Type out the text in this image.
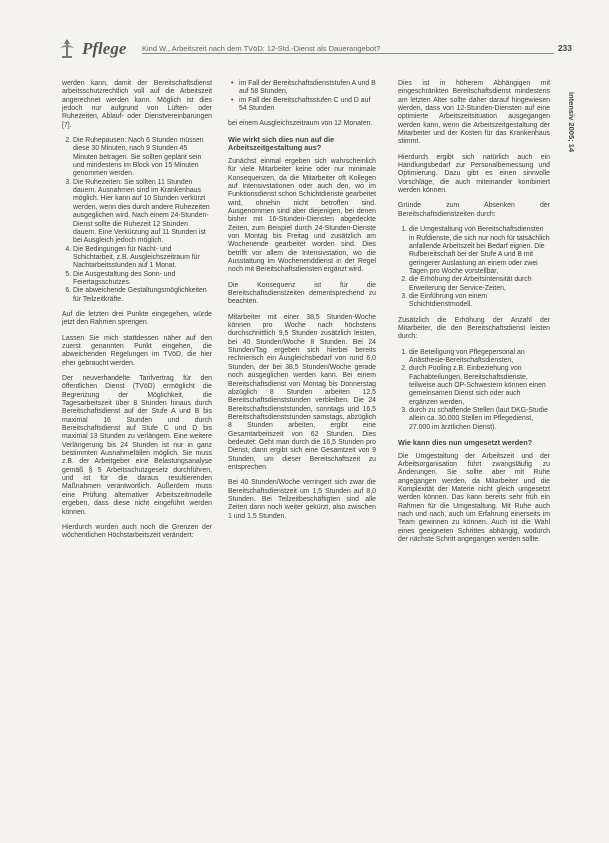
Pflege Kind W., Arbeitszeit nach dem TVöD: 12-Std.-Dienst als Dauerangebot?	233
intensiv 2005; 14

werden kann, damit der Bereitschaftsdienst arbeitsschutzrechtlich voll auf die Arbeitszeit angerechnet werden kann. Möglich ist dies jedoch nur aufgrund von Lüften- oder Ruhezeiten, Ablauf- oder Dienstvereinbarungen [7].

2. Die Ruhepausen: Nach 6 Stunden müssen diese 30 Minuten, nach 9 Stunden 45 Minuten betragen. Sie sollten geplant sein und mindestens im Block von 15 Minuten genommen werden.
3. Die Ruhezeiten: Sie sollten 11 Stunden dauern. Ausnahmen sind im Krankenhaus möglich. Hier kann auf 10 Stunden verkürzt werden, wenn dies durch andere Ruhezeiten ausgeglichen wird. Nach einem 24-Stunden-Dienst sollte die Ruhezeit 12 Stunden dauern. Eine Verkürzung auf 11 Stunden ist bei Ausgleich jedoch möglich.
4. Die Bedingungen für Nacht- und Schichtarbeit, z.B. Ausgleichszeitraum für Nachtarbeitsstunden auf 1 Monat.
5. Die Ausgestaltung des Sonn- und Feiertagsschutzes.
6. Die abweichende Gestaltungsmöglichkeiten für Teilzeitkräfte.

Auf die letzten drei Punkte eingegehen, würde jetzt den Rahmen sprengen.

Lassen Sie mich stattdessen näher auf den zuerst genannten Punkt eingehen, die abweichenden Regelungen im TVöD, die hier eher gebraucht werden.

Der neuverhandelte Tarifvertrag für den öffentlichen Dienst (TVöD) ermöglicht die Begrenzung der Möglichkeit, die Tagesarbeitszeit über 8 Stunden hinaus durch Bereitschaftsdienst auf der Stufe A und B bis maximal 16 Stunden und durch Bereitschaftsdienst auf Stufe C und D bis maximal 13 Stunden zu verlängern. Eine weitere Verlängerung bis 24 Stunden ist nur in ganz bestimmten Ausnahmefällen möglich. Sie muss z.B. der Arbeitgeber eine Belastungsanalyse gemäß § 5 Arbeitsschutzgesetz durchführen, und ist für die daraus resultierenden Maßnahmen verantwortlich. Außerdem muss eine Prüfung alternativer Arbeitszeitmodelle ergeben, dass diese nicht eingeführt werden können.

Hierdurch wurden auch noch die Grenzen der wöchentlichen Höchstarbeitszeit verändert:

• im Fall der Bereitschaftsdienststufen A und B auf 58 Stunden,
• im Fall der Bereitschaftsstufen C und D auf 54 Stunden

bei einem Ausgleichszeitraum von 12 Monaten.

Wie wirkt sich dies nun auf die Arbeitszeitgestaltung aus?

Zunächst einmal ergeben sich wahrscheinlich für viele Mitarbeiter keine oder nur minimale Konsequenzen, da die Mitarbeiter oft Kollegen auf Intensivstationen oder auch den, wo im Funktionsdienst schon Schichtdienste gearbeitet wird, ohnehin nicht betroffen sind. Ausgenommen sind aber diejenigen, bei denen bisher mit 16-Stunden-Diensten abgedeckte Zeiten, zum Beispiel durch 24-Stunden-Dienste von Montag bis Freitag und zusätzlich am Wochenende gearbeitet worden sind. Dies betrifft vor allem die Intensivstation, wo die Ausstattung im Wochenenddienst in der Regel noch mit Bereitschaftsdiensten ergänzt wird.

Die Konsequenz ist für die Bereitschaftsdienstzeiten dementsprechend zu beachten.

Mitarbeiter mit einer 38,5 Stunden-Woche können pro Woche nach höchstens durchschnittlich 9,5 Stunden zusätzlich leisten, bei 40 Stunden/Woche 8 Stunden. Bei 24 Stunden/Tag ergeben sich hierbei bereits rechnerisch ein Ausgleichsbedarf von rund 6,0 Stunden, der bei 38,5 Stunden/Woche gerade noch ausgeglichen werden kann. Bei einem Bereitschaftsdienst von Montag bis Donnerstag abzüglich 8 Stunden arbeiten 12,5 Bereitschaftsdienststunden verbleiben. Die 24 Bereitschaftsdienststunden, sonntags und 16,5 Bereitschaftsdienststunden samstags, abzüglich 8 Stunden arbeiten, ergibt eine Gesamtarbeitszeit von 62 Stunden. Dies bedeutet: Geht man durch die 16,5 Stunden pro Dienst, dann ergibt sich eine Gesamtzeit von 9 Stunden, um dieser Bereitschaftszeit zu entsprechen.

Bei 40 Stunden/Woche verringert sich zwar die Bereitschaftsdienstzeit um 1,5 Stunden auf 8,0 Stunden. Bei Teilzeitbeschäftigten sind alle Zeiten dann noch weiter gekürzt, also zwischen 1 und 1,5 Stunden.

Dies ist in höherem Abhängigen mit eingeschränkten Bereitschaftsdienst mindestens am letzten Alter sollte daher darauf hingewiesen werden, dass von 12-Stunden-Diensten auf eine optimierte Arbeitszeitsituation ausgegangen werden kann, wenn die Arbeitszeitgestaltung der Mitarbeiter und der Kosten für das Krankenhaus stimmt.

Hierdurch ergibt sich natürlich auch ein Handlungsbedarf zur Personalbemessung und Optimierung. Dazu gibt es einen sinnvolle Vorschläge, die auch miteinander kombiniert werden können.

Gründe zum Absenken der Bereitschaftsdienstzeiten durch:

1. die Umgestaltung von Bereitschaftsdiensten in Rufdienste, die sich nur noch für tatsächlich anfallende Arbeitszeit bei Bedarf eignen. Die Rufbereitschaft bei der Stufe A und B mit geringerer Auslastung an einem oder zwei Tagen pro Woche vorstellbar,
2. die Erhöhung der Arbeitsintensität durch Erweiterung der Service-Zeiten,
3. die Einführung von einem Schichtdienstmodell.

Zusätzlich die Erhöhung der Anzahl der Mitarbeiter, die den Bereitschaftsdienst leisten durch:

1. die Beteiligung von Pflegepersonal an Anästhesie-Bereitschaftsdiensten,
2. durch Pooling z.B. Einbeziehung von Fachabteilungen, Bereitschaftsdienste, teilweise auch OP-Schwestern können einen gemeinsamen Dienst sich oder auch ergänzen werden,
3. durch zu schaffende Stellen (laut DKG-Studie allein ca. 30.000 Stellen im Pflegedienst, 27.000 im ärztlichen Dienst).
Wie kann dies nun umgesetzt werden?

Die Umgestaltung der Arbeitszeit und der Arbeitsorganisation führt zwangsläufig zu Änderungen. Sie sollte aber mit Ruhe angegangen werden, da Mitarbeiter und die Komplexität der Materie nicht gleich umgesetzt werden können. Das kann bereits sehr früh ein Rahmen für die Umgestaltung. Mit Ruhe auch nach und nach, auch um Erfahrung einerseits im Team gewinnen zu können. Auch ist die Wahl eines geeigneten Schrittes abhängig, wodurch der nächste Schritt angegangen werden sollte.
